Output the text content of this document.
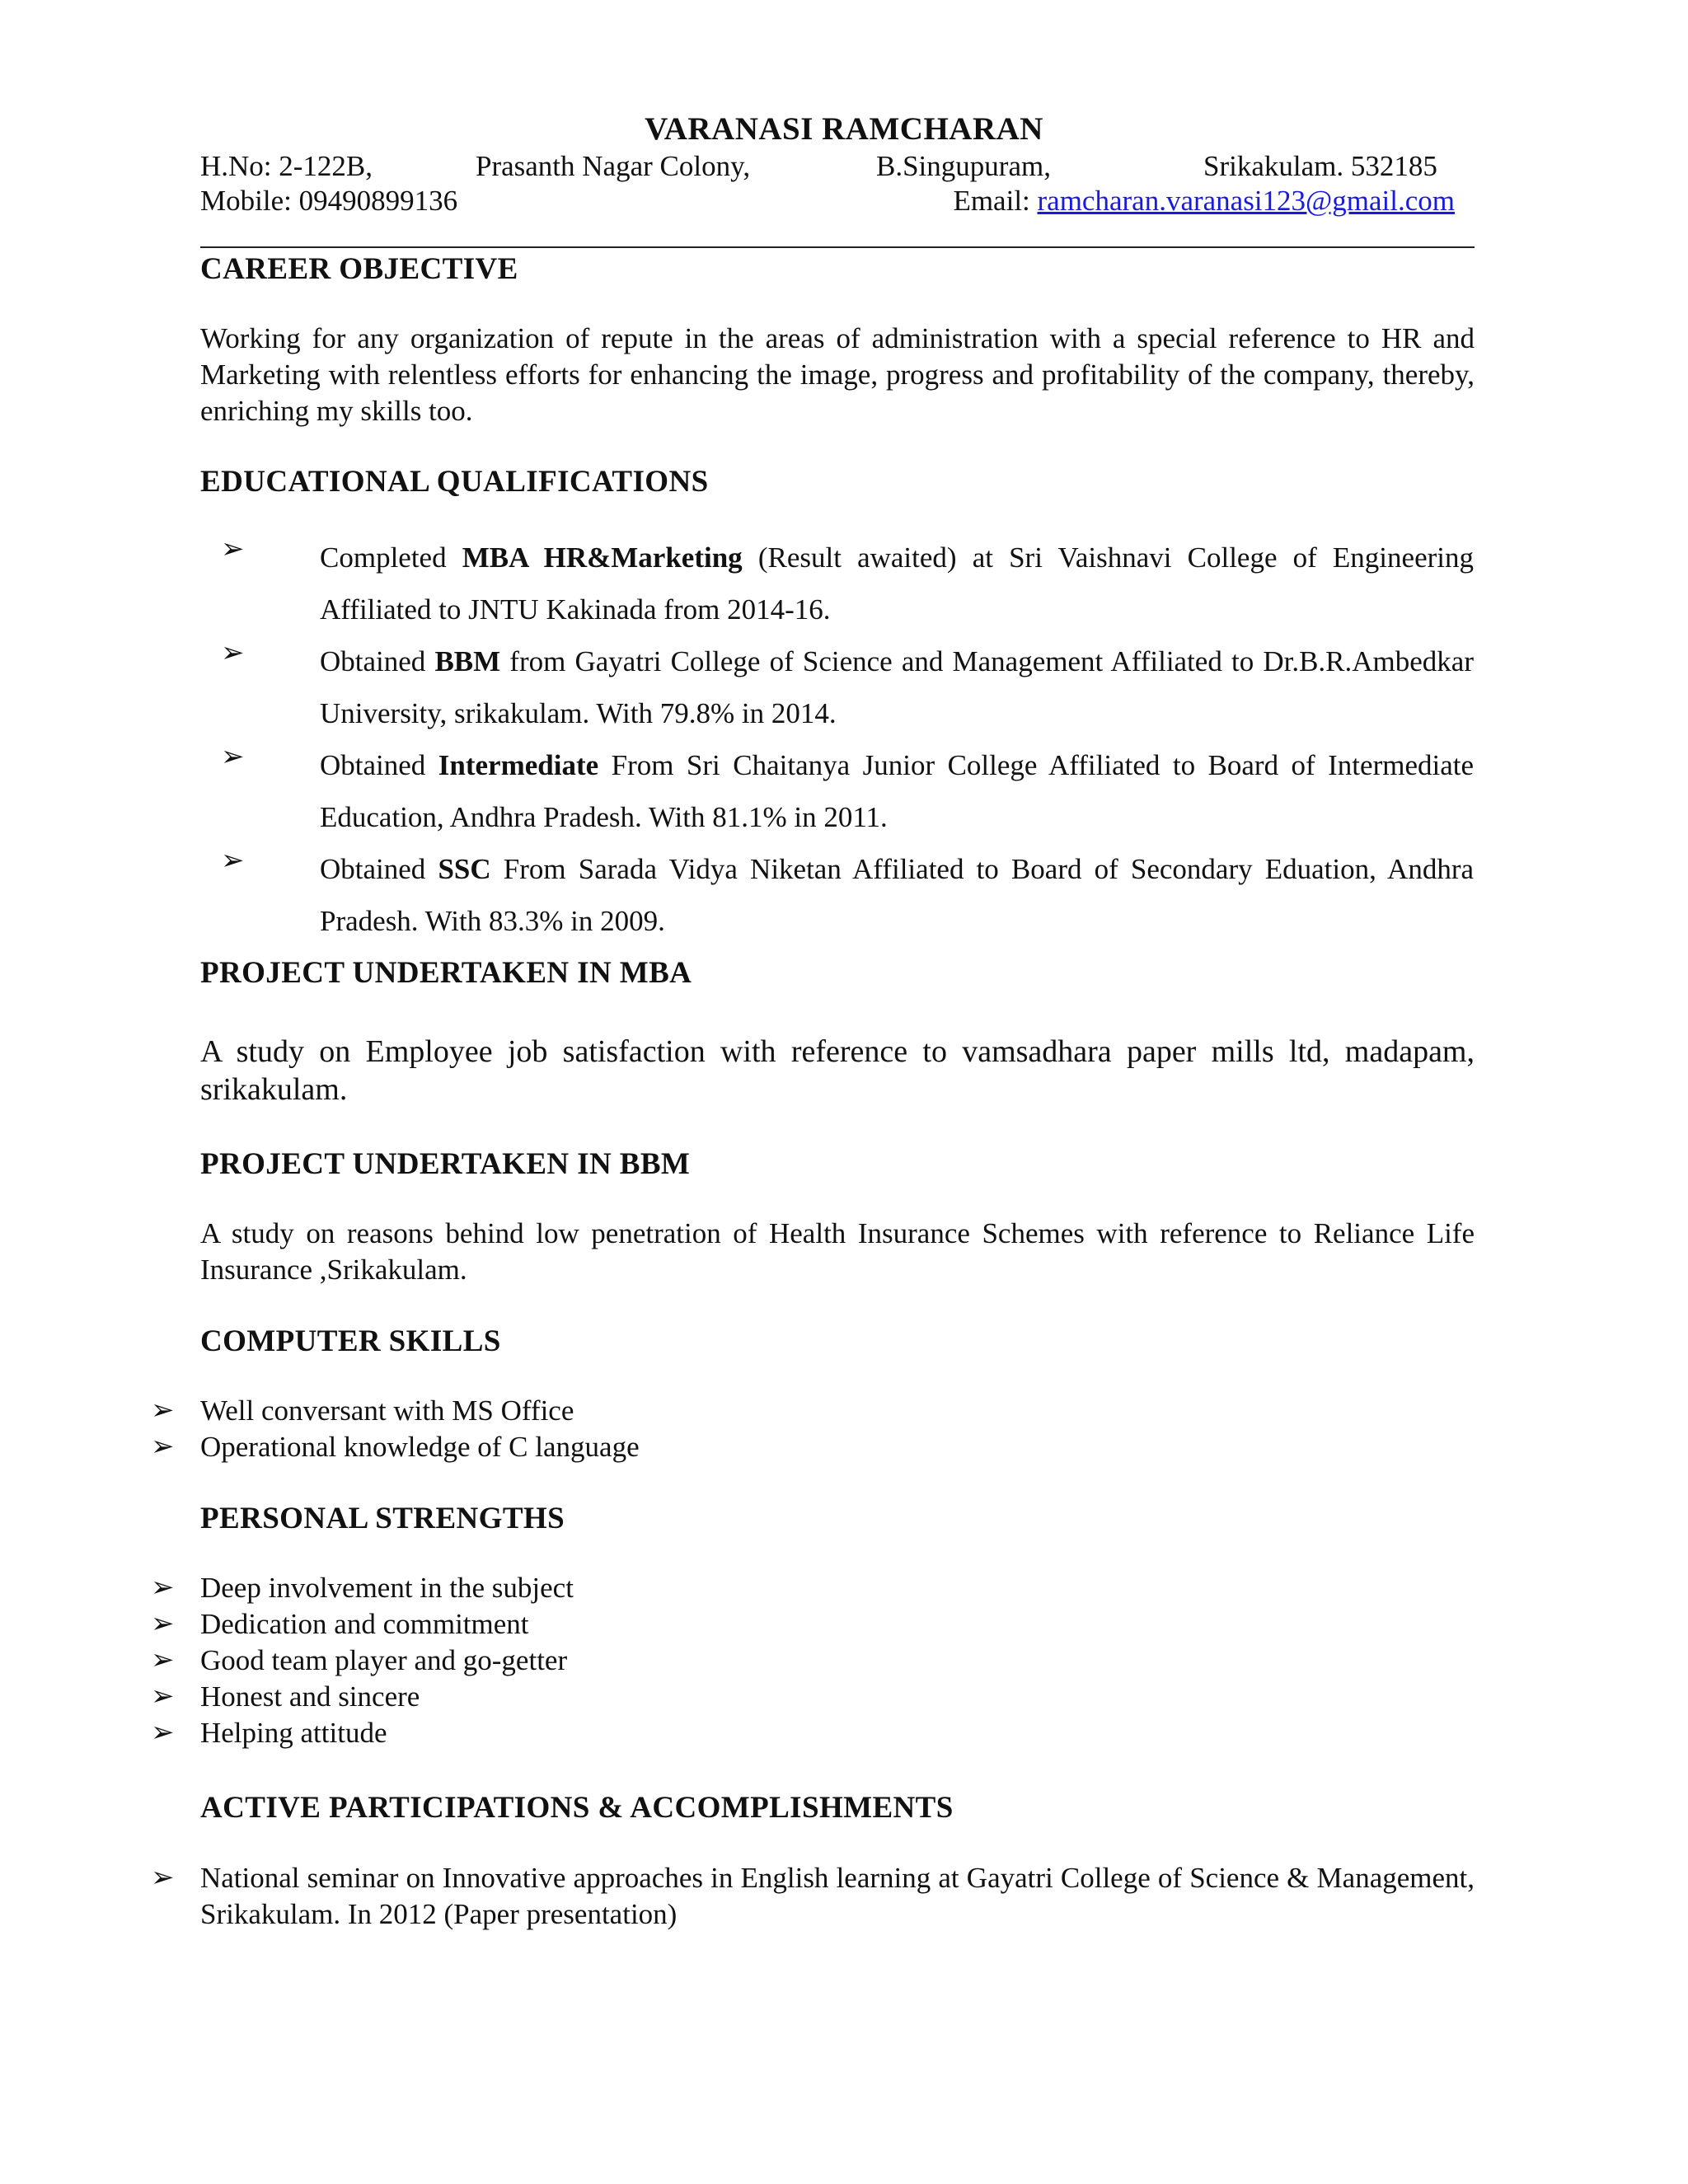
VARANASI RAMCHARAN
H.No: 2-122B,	Prasanth Nagar Colony,	B.Singupuram,	Srikakulam. 532185
Mobile: 09490899136	Email: ramcharan.varanasi123@gmail.com
CAREER OBJECTIVE
Working for any organization of repute in the areas of administration with a special reference to HR and Marketing with relentless efforts for enhancing the image, progress and profitability of the company, thereby, enriching my skills too.
EDUCATIONAL QUALIFICATIONS
➢	Completed MBA HR&Marketing (Result awaited) at Sri Vaishnavi College of Engineering Affiliated to JNTU Kakinada from 2014-16.
➢	Obtained BBM from Gayatri College of Science and Management Affiliated to Dr.B.R.Ambedkar University, srikakulam. With 79.8% in 2014.
➢	Obtained Intermediate From Sri Chaitanya Junior College Affiliated to Board of Intermediate Education, Andhra Pradesh. With 81.1% in 2011.
➢	Obtained SSC From Sarada Vidya Niketan Affiliated to Board of Secondary Eduation, Andhra Pradesh. With 83.3% in 2009.
PROJECT UNDERTAKEN IN MBA
A study on Employee job satisfaction with reference to vamsadhara paper mills ltd, madapam, srikakulam.
PROJECT UNDERTAKEN IN BBM
A study on reasons behind low penetration of Health Insurance Schemes with reference to Reliance Life Insurance ,Srikakulam.
COMPUTER SKILLS
➢ Well conversant with MS Office
➢ Operational knowledge of C language
PERSONAL STRENGTHS
➢ Deep involvement in the subject
➢ Dedication and commitment
➢ Good team player and go-getter
➢ Honest and sincere
➢ Helping attitude
ACTIVE PARTICIPATIONS & ACCOMPLISHMENTS
➢ National seminar on Innovative approaches in English learning at Gayatri College of Science & Management, Srikakulam. In 2012 (Paper presentation)
